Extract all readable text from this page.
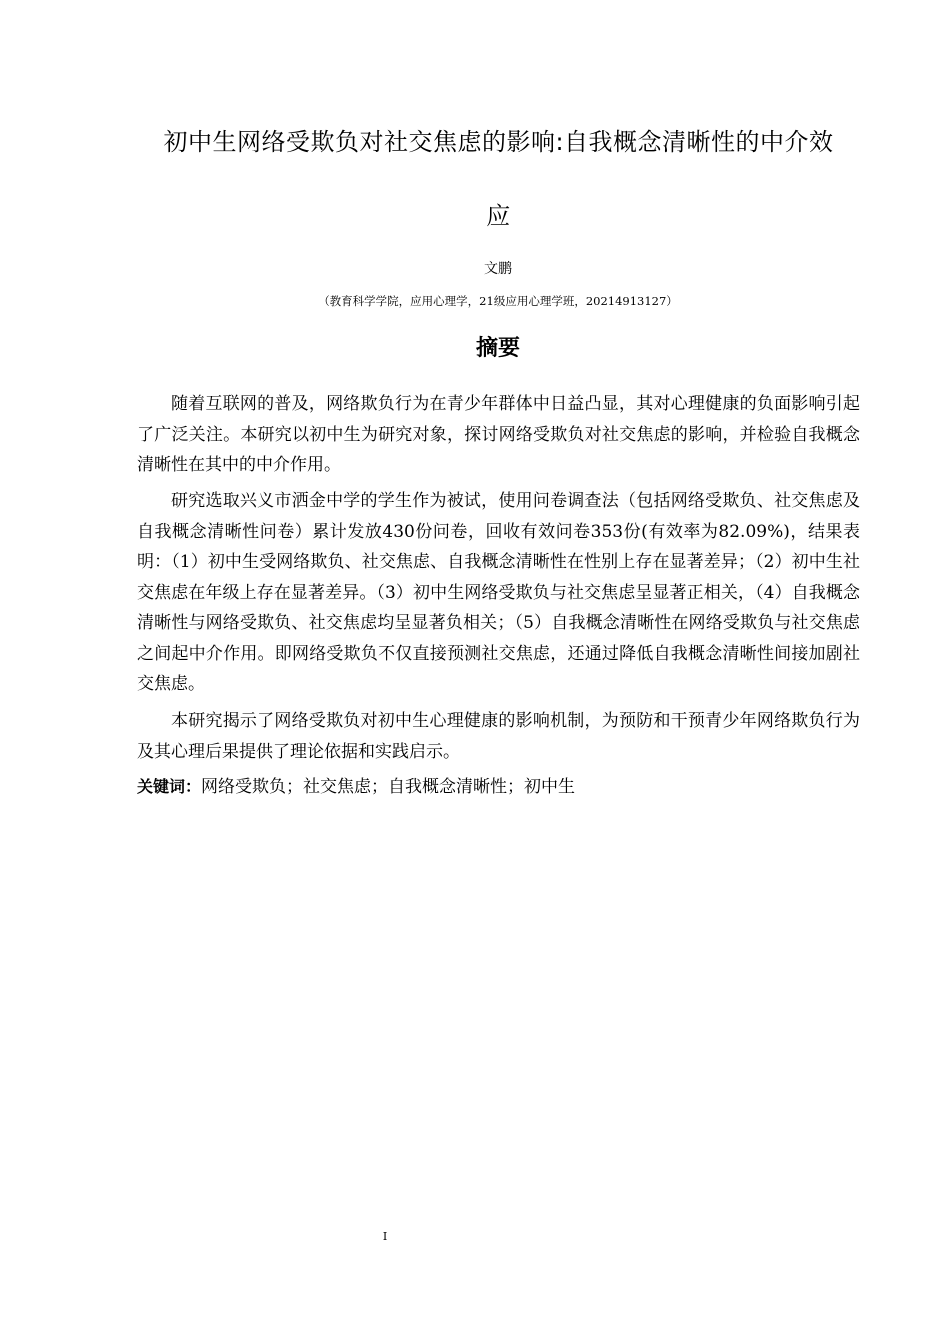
初中生网络受欺负对社交焦虑的影响:自我概念清晰性的中介效
应
文鹏
（教育科学学院，应用心理学，21级应用心理学班，20214913127）
摘要

随着互联网的普及，网络欺负行为在青少年群体中日益凸显，其对心理健康的负面影响引起了广泛关注。本研究以初中生为研究对象，探讨网络受欺负对社交焦虑的影响，并检验自我概念清晰性在其中的中介作用。

研究选取兴义市洒金中学的学生作为被试，使用问卷调查法（包括网络受欺负、社交焦虑及自我概念清晰性问卷）累计发放430份问卷，回收有效问卷353份(有效率为82.09%)，结果表明：（1）初中生受网络欺负、社交焦虑、自我概念清晰性在性别上存在显著差异；（2）初中生社交焦虑在年级上存在显著差异。（3）初中生网络受欺负与社交焦虑呈显著正相关，（4）自我概念清晰性与网络受欺负、社交焦虑均呈显著负相关；（5）自我概念清晰性在网络受欺负与社交焦虑之间起中介作用。即网络受欺负不仅直接预测社交焦虑，还通过降低自我概念清晰性间接加剧社交焦虑。

本研究揭示了网络受欺负对初中生心理健康的影响机制，为预防和干预青少年网络欺负行为及其心理后果提供了理论依据和实践启示。

关键词：网络受欺负；社交焦虑；自我概念清晰性；初中生
I
